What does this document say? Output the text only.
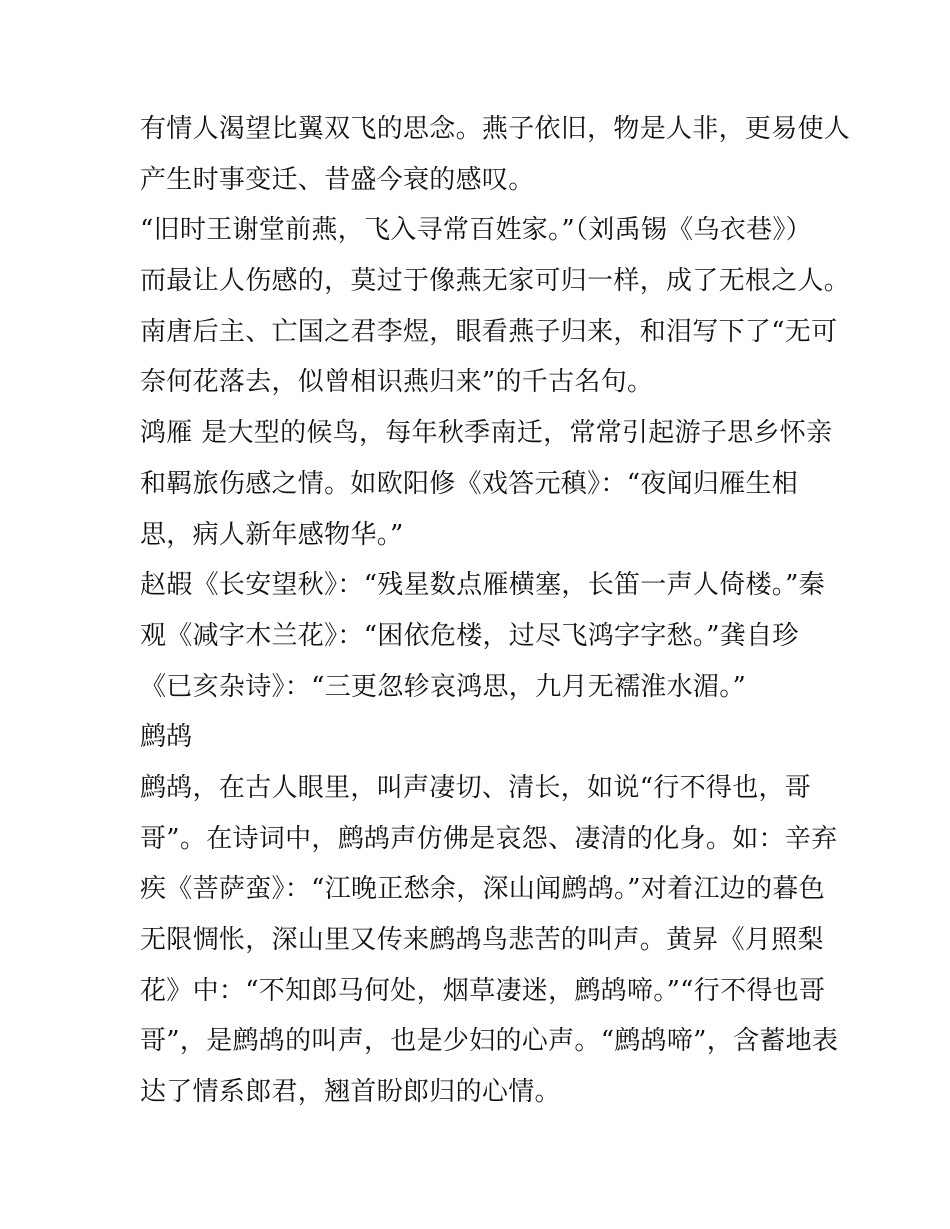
有情人渴望比翼双飞的思念。燕子依旧，物是人非，更易使人
产生时事变迁、昔盛今衰的感叹。
“旧时王谢堂前燕，飞入寻常百姓家。”（刘禹锡《乌衣巷》）
而最让人伤感的，莫过于像燕无家可归一样，成了无根之人。
南唐后主、亡国之君李煜，眼看燕子归来，和泪写下了“无可
奈何花落去，似曾相识燕归来”的千古名句。
鸿雁 是大型的候鸟，每年秋季南迁，常常引起游子思乡怀亲
和羁旅伤感之情。如欧阳修《戏答元稹》：“夜闻归雁生相
思，病人新年感物华。”
赵嘏《长安望秋》：“残星数点雁横塞，长笛一声人倚楼。”秦
观《减字木兰花》：“困依危楼，过尽飞鸿字字愁。”龚自珍
《已亥杂诗》：“三更忽轸哀鸿思，九月无襦淮水湄。”
鹧鸪
鹧鸪，在古人眼里，叫声凄切、清长，如说“行不得也，哥
哥”。在诗词中，鹧鸪声仿佛是哀怨、凄清的化身。如：辛弃
疾《菩萨蛮》：“江晚正愁余，深山闻鹧鸪。”对着江边的暮色
无限惆怅，深山里又传来鹧鸪鸟悲苦的叫声。黄昇《月照梨
花》中：“不知郎马何处，烟草凄迷，鹧鸪啼。”“行不得也哥
哥”，是鹧鸪的叫声，也是少妇的心声。“鹧鸪啼”，含蓄地表
达了情系郎君，翘首盼郎归的心情。
